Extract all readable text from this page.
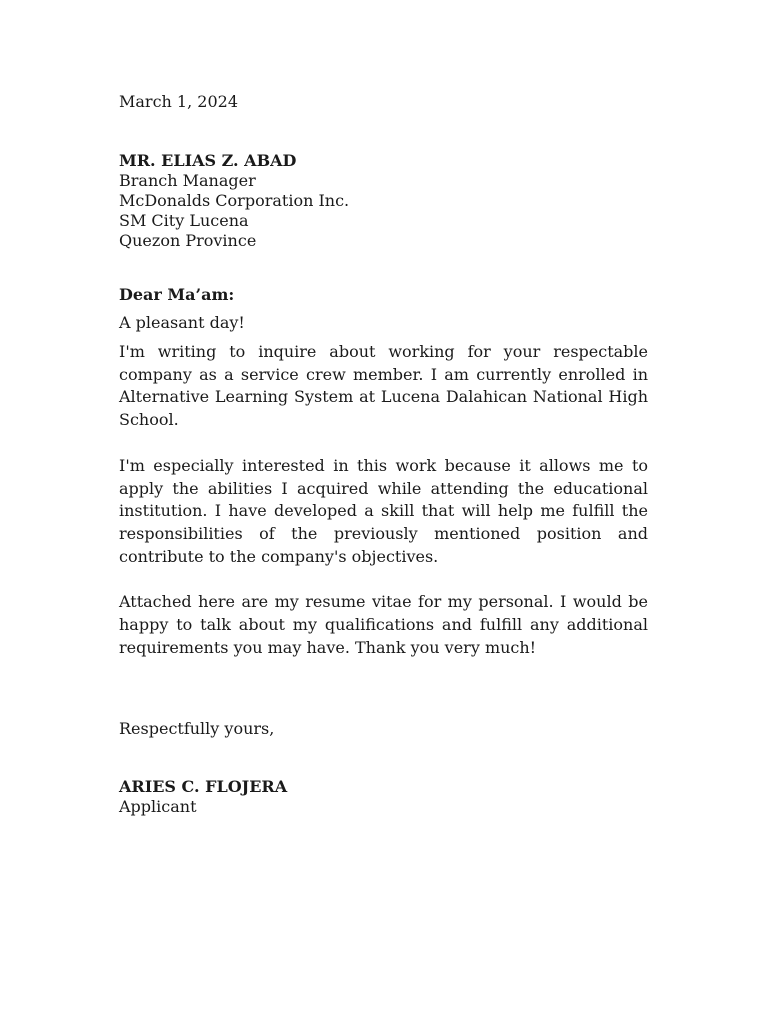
March 1, 2024
MR. ELIAS Z. ABAD
Branch Manager
McDonalds Corporation Inc.
SM City Lucena
Quezon Province
Dear Ma’am:
A pleasant day!

I'm writing to inquire about working for your respectable company as a service crew member. I am currently enrolled in Alternative Learning System at Lucena Dalahican National High School.

I'm especially interested in this work because it allows me to apply the abilities I acquired while attending the educational institution. I have developed a skill that will help me fulfill the responsibilities of the previously mentioned position and contribute to the company's objectives.

Attached here are my resume vitae for my personal. I would be happy to talk about my qualifications and fulfill any additional requirements you may have. Thank you very much!

Respectfully yours,
ARIES C. FLOJERA
Applicant
